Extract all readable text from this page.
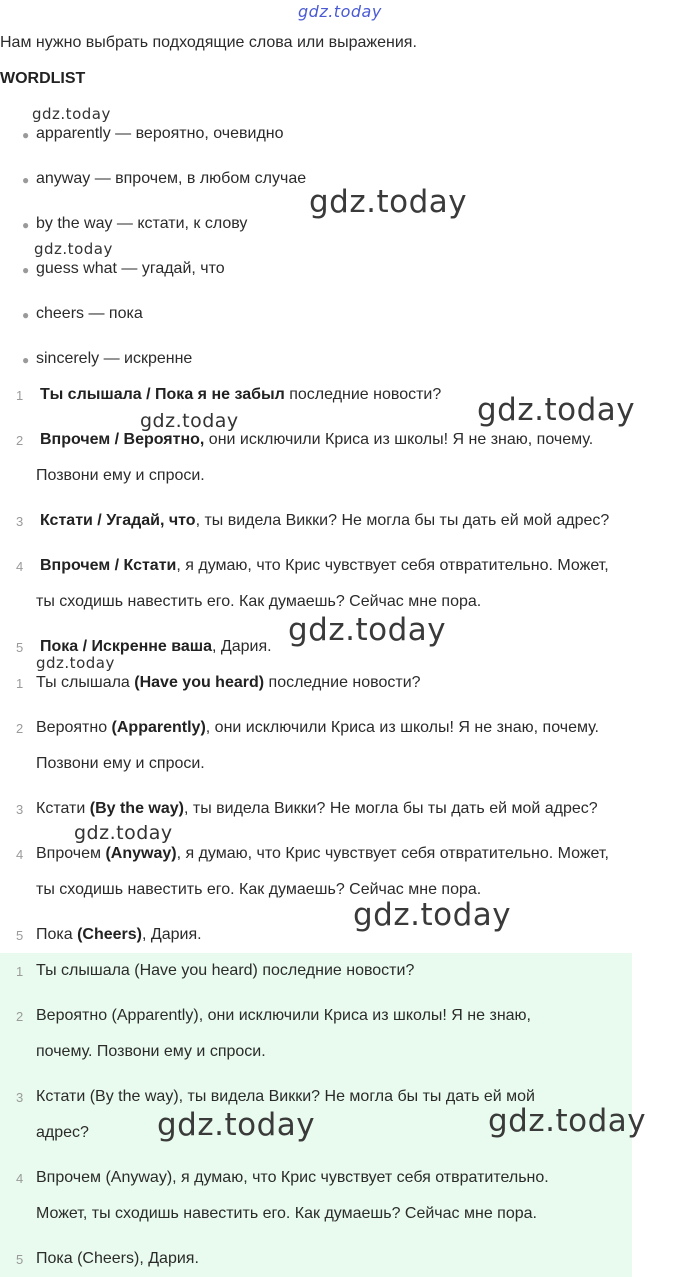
gdz.today
Нам нужно выбрать подходящие слова или выражения.
WORDLIST
● apparently — вероятно, очевидно
● anyway — впрочем, в любом случае
● by the way — кстати, к слову
● guess what — угадай, что
● cheers — пока
● sincerely — искренне
1 Ты слышала / Пока я не забыл последние новости?
2 Впрочем / Вероятно, они исключили Криса из школы! Я не знаю, почему.
Позвони ему и спроси.
3 Кстати / Угадай, что, ты видела Викки? Не могла бы ты дать ей мой адрес?
4 Впрочем / Кстати, я думаю, что Крис чувствует себя отвратительно. Может,
ты сходишь навестить его. Как думаешь? Сейчас мне пора.
5 Пока / Искренне ваша, Дария.
1 Ты слышала (Have you heard) последние новости?
2 Вероятно (Apparently), они исключили Криса из школы! Я не знаю, почему.
Позвони ему и спроси.
3 Кстати (By the way), ты видела Викки? Не могла бы ты дать ей мой адрес?
4 Впрочем (Anyway), я думаю, что Крис чувствует себя отвратительно. Может,
ты сходишь навестить его. Как думаешь? Сейчас мне пора.
5 Пока (Cheers), Дария.
1 Ты слышала (Have you heard) последние новости?
2 Вероятно (Apparently), они исключили Криса из школы! Я не знаю,
почему. Позвони ему и спроси.
3 Кстати (By the way), ты видела Викки? Не могла бы ты дать ей мой
адрес?
4 Впрочем (Anyway), я думаю, что Крис чувствует себя отвратительно.
Может, ты сходишь навестить его. Как думаешь? Сейчас мне пора.
5 Пока (Cheers), Дария.
gdz.today
gdz.today
gdz.today
gdz.today
gdz.today
gdz.today
gdz.today
gdz.today
gdz.today
gdz.today	gdz.today
